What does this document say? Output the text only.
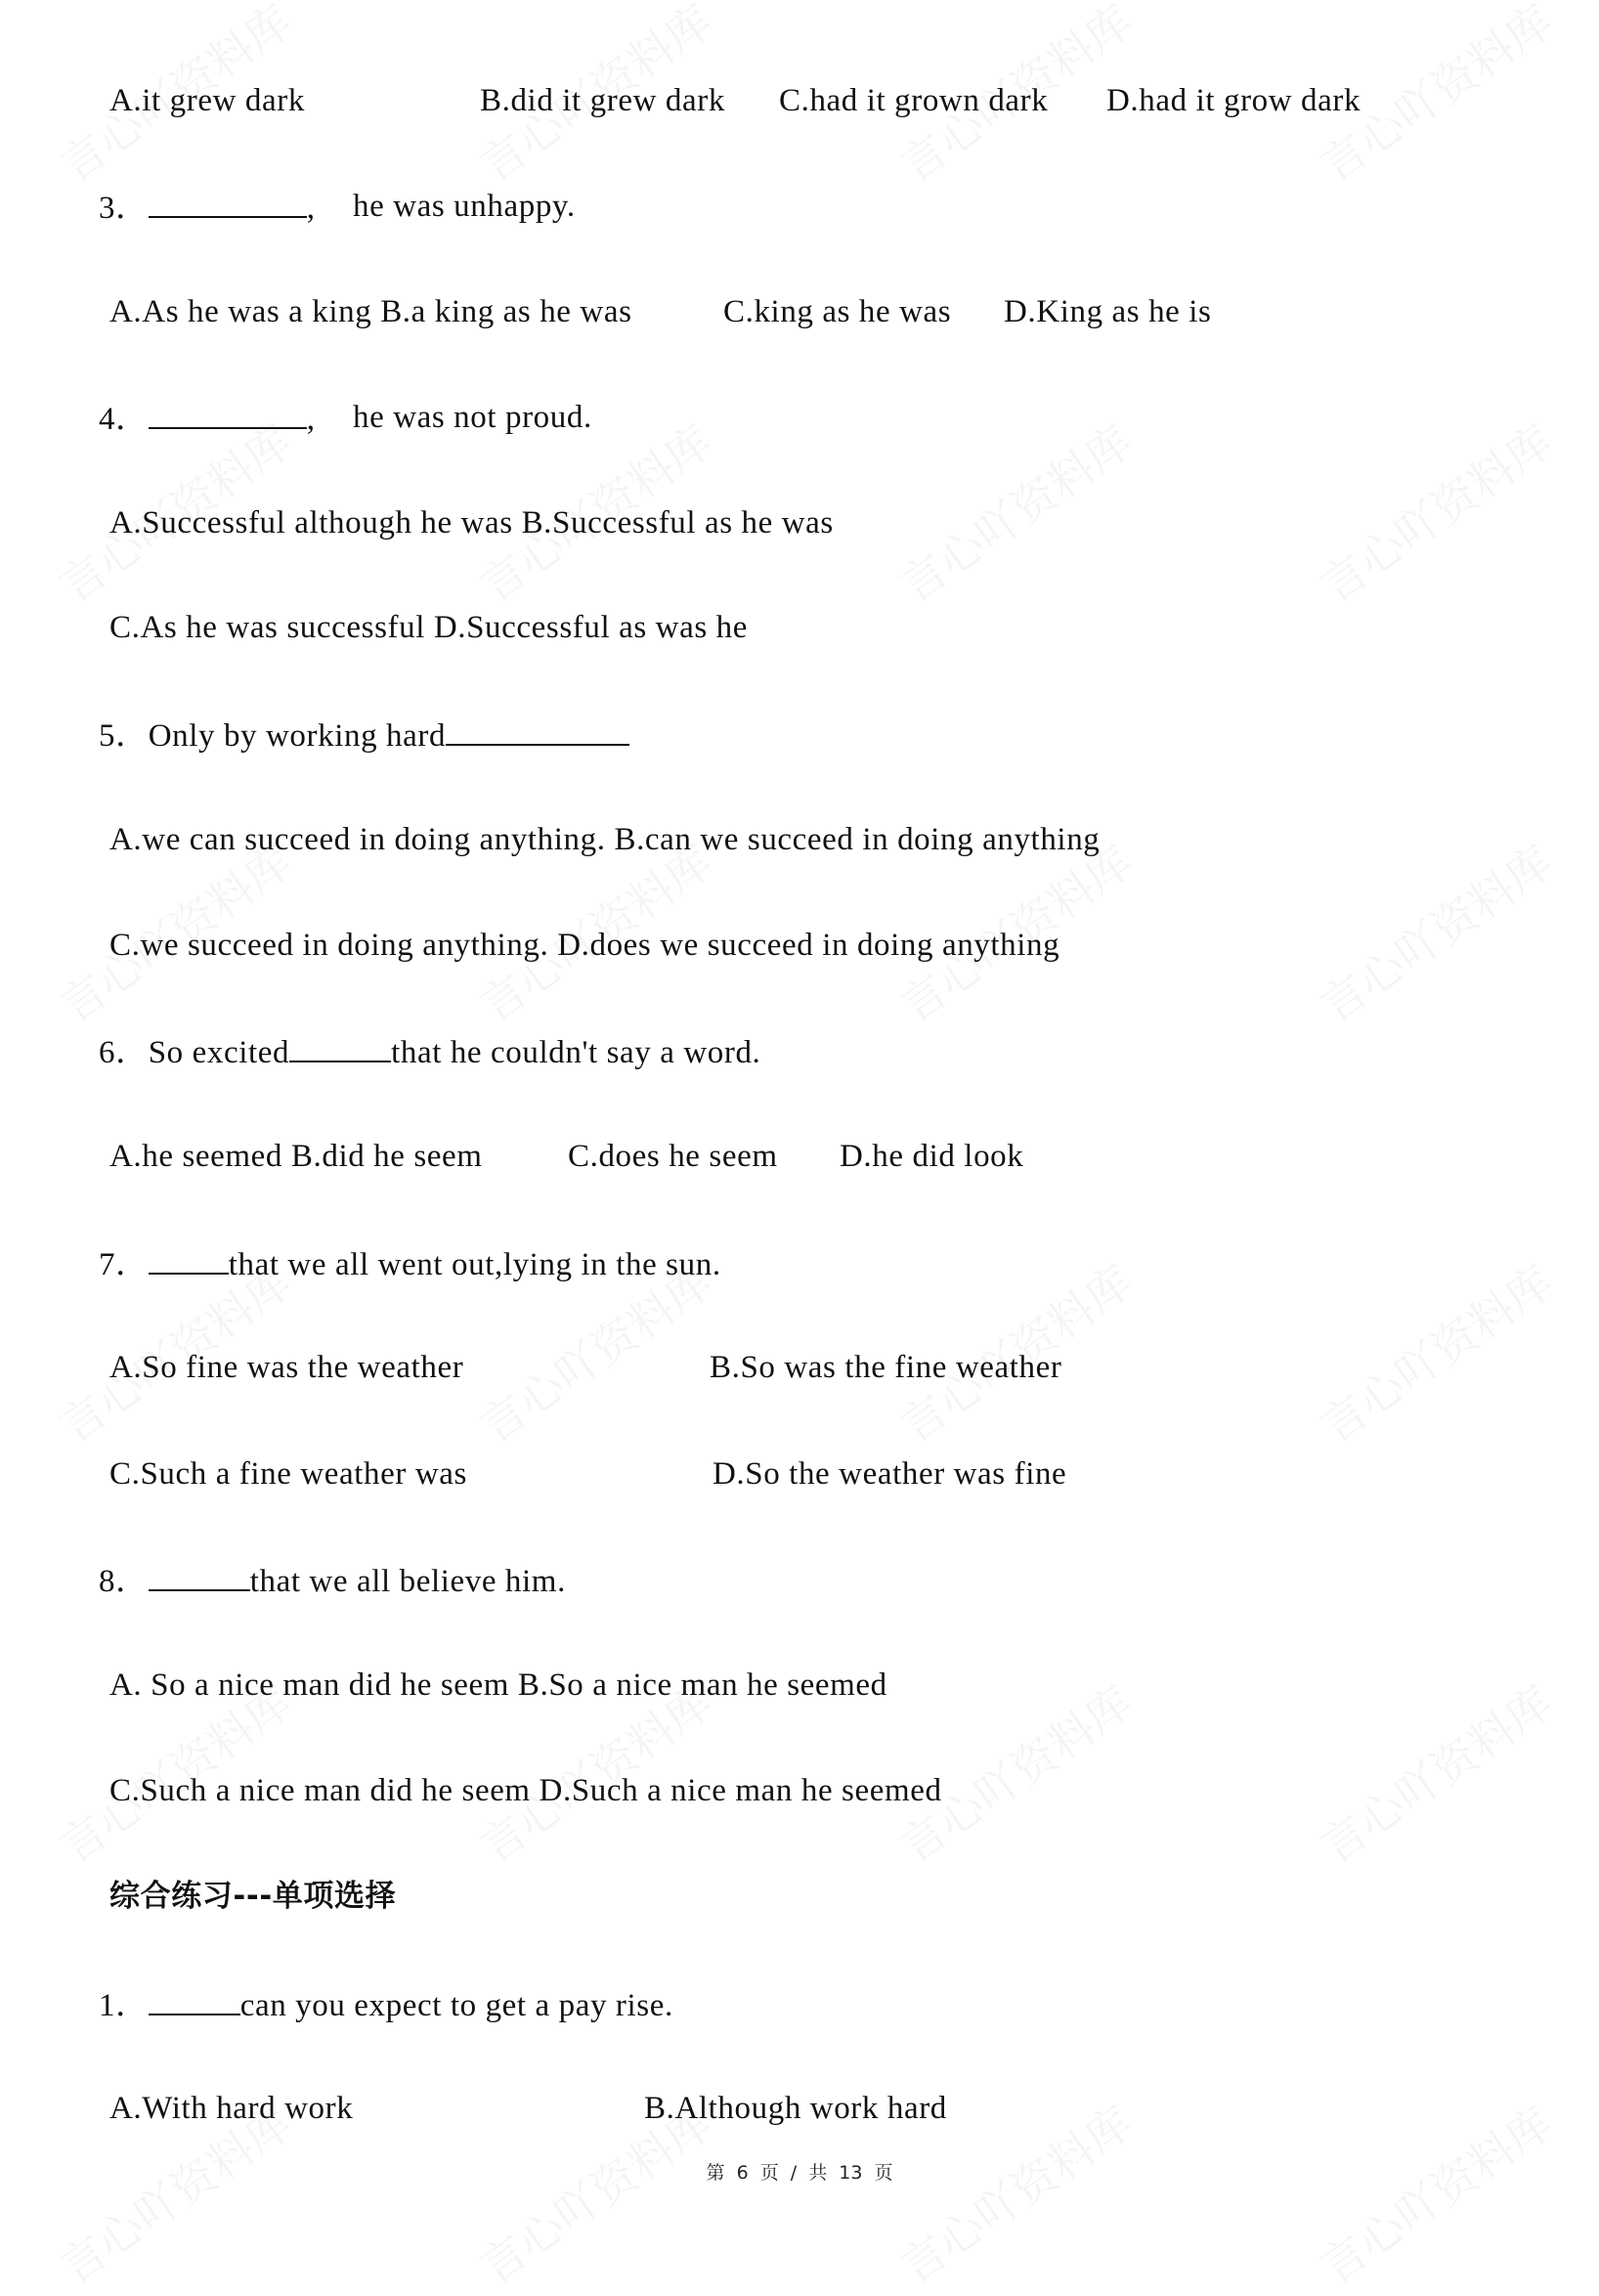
A.it grew dark	B.did it grew dark C.had it grown dark D.had it grow dark
3．	, he was unhappy.
A.As he was a king B.a king as he was	C.king as he was D.King as he is
4．	, he was not proud.
A.Successful although he was B.Successful as he was
C.As he was successful D.Successful as was he
5．Only by working hard
A.we can succeed in doing anything. B.can we succeed in doing anything
C.we succeed in doing anything. D.does we succeed in doing anything
6．So excited	that he couldn't say a word.
A.he seemed B.did he seem	C.does he seem D.he did look
7． that we all went out,lying in the sun.
A.So fine was the weather	B.So was the fine weather
C.Such a fine weather was	D.So the weather was fine
8．	that we all believe him.
A. So a nice man did he seem B.So a nice man he seemed
C.Such a nice man did he seem D.Such a nice man he seemed
综合练习---单项选择
1．	can you expect to get a pay rise.
A.With hard work	B.Although work hard
第 6 页 / 共 13 页
